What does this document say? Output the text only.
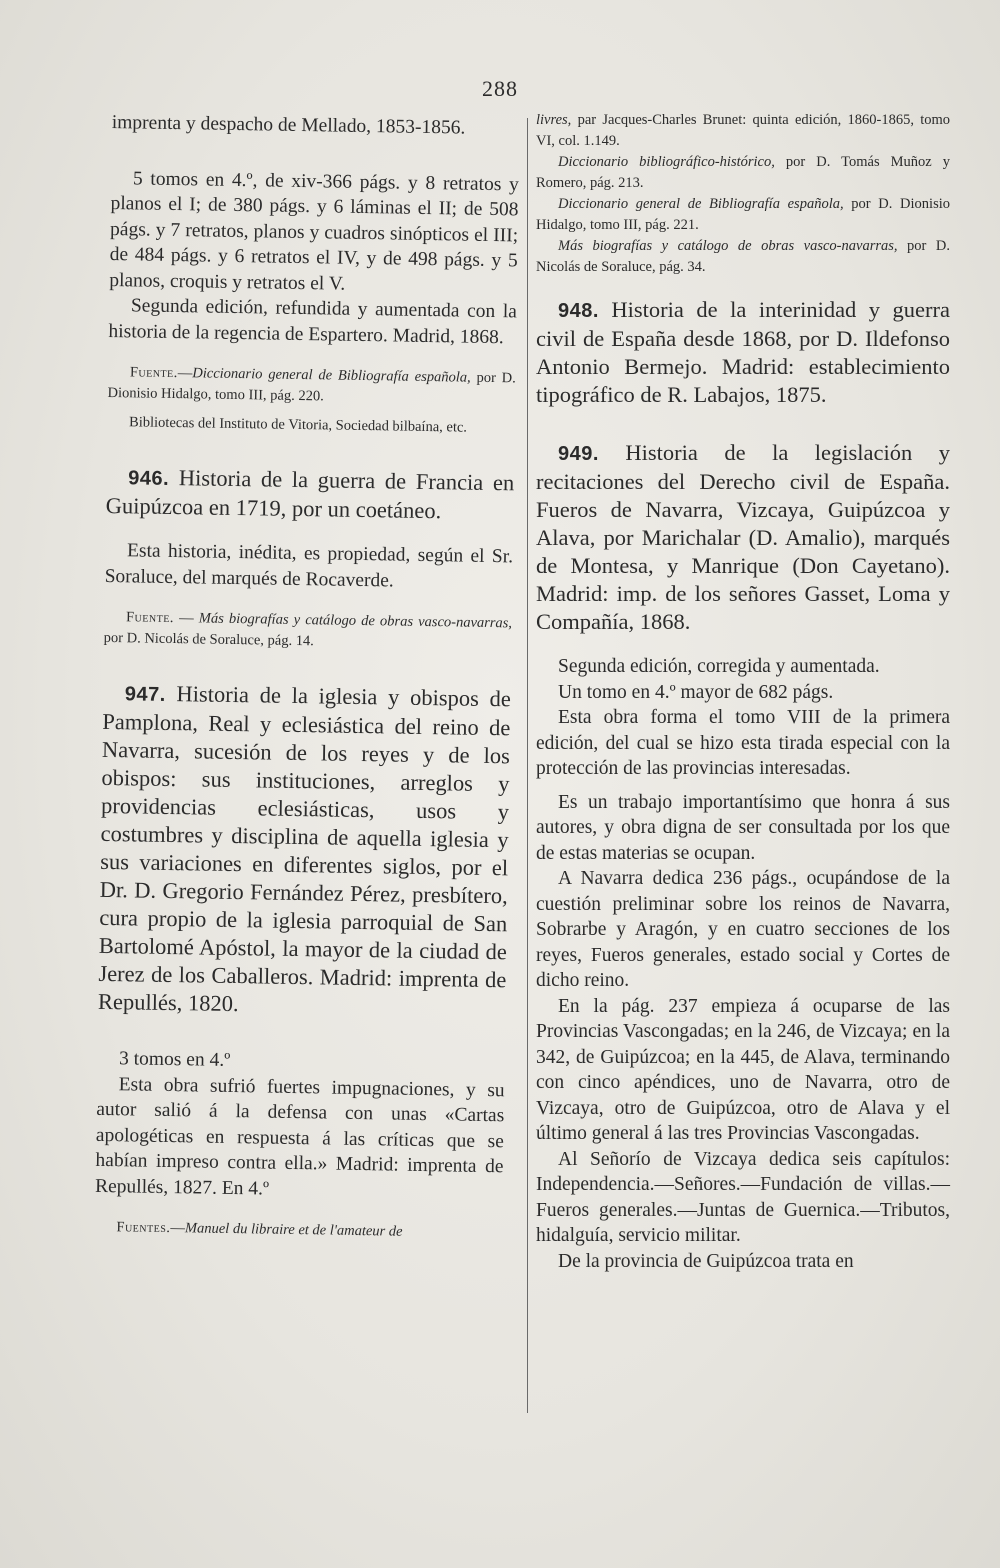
288

imprenta y despacho de Mellado, 1853-1856.

5 tomos en 4.º, de xiv-366 págs. y 8 retratos y planos el I; de 380 págs. y 6 láminas el II; de 508 págs. y 7 retratos, planos y cuadros sinópticos el III; de 484 págs. y 6 retratos el IV, y de 498 págs. y 5 planos, croquis y retratos el V.

Segunda edición, refundida y aumentada con la historia de la regencia de Espartero. Madrid, 1868.

Fuente.—Diccionario general de Bibliografía española, por D. Dionisio Hidalgo, tomo III, pág. 220.

Bibliotecas del Instituto de Vitoria, Sociedad bilbaína, etc.

946. Historia de la guerra de Francia en Guipúzcoa en 1719, por un coetáneo.

Esta historia, inédita, es propiedad, según el Sr. Soraluce, del marqués de Rocaverde.

Fuente. — Más biografías y catálogo de obras vasco-navarras, por D. Nicolás de Soraluce, pág. 14.

947. Historia de la iglesia y obispos de Pamplona, Real y eclesiástica del reino de Navarra, sucesión de los reyes y de los obispos: sus instituciones, arreglos y providencias eclesiásticas, usos y costumbres y disciplina de aquella iglesia y sus variaciones en diferentes siglos, por el Dr. D. Gregorio Fernández Pérez, presbítero, cura propio de la iglesia parroquial de San Bartolomé Apóstol, la mayor de la ciudad de Jerez de los Caballeros. Madrid: imprenta de Repullés, 1820.

3 tomos en 4.º

Esta obra sufrió fuertes impugnaciones, y su autor salió á la defensa con unas «Cartas apologéticas en respuesta á las críticas que se habían impreso contra ella.» Madrid: imprenta de Repullés, 1827. En 4.º

Fuentes.—Manuel du libraire et de l'amateur de

livres, par Jacques-Charles Brunet: quinta edición, 1860-1865, tomo VI, col. 1.149.

Diccionario bibliográfico-histórico, por D. Tomás Muñoz y Romero, pág. 213.

Diccionario general de Bibliografía española, por D. Dionisio Hidalgo, tomo III, pág. 221.

Más biografías y catálogo de obras vasco-navarras, por D. Nicolás de Soraluce, pág. 34.

948. Historia de la interinidad y guerra civil de España desde 1868, por D. Ildefonso Antonio Bermejo. Madrid: establecimiento tipográfico de R. Labajos, 1875.

949. Historia de la legislación y recitaciones del Derecho civil de España. Fueros de Navarra, Vizcaya, Guipúzcoa y Alava, por Marichalar (D. Amalio), marqués de Montesa, y Manrique (Don Cayetano). Madrid: imp. de los señores Gasset, Loma y Compañía, 1868.

Segunda edición, corregida y aumentada.

Un tomo en 4.º mayor de 682 págs.

Esta obra forma el tomo VIII de la primera edición, del cual se hizo esta tirada especial con la protección de las provincias interesadas.

Es un trabajo importantísimo que honra á sus autores, y obra digna de ser consultada por los que de estas materias se ocupan.

A Navarra dedica 236 págs., ocupándose de la cuestión preliminar sobre los reinos de Navarra, Sobrarbe y Aragón, y en cuatro secciones de los reyes, Fueros generales, estado social y Cortes de dicho reino.

En la pág. 237 empieza á ocuparse de las Provincias Vascongadas; en la 246, de Vizcaya; en la 342, de Guipúzcoa; en la 445, de Alava, terminando con cinco apéndices, uno de Navarra, otro de Vizcaya, otro de Guipúzcoa, otro de Alava y el último general á las tres Provincias Vascongadas.

Al Señorío de Vizcaya dedica seis capítulos: Independencia.—Señores.—Fundación de villas.—Fueros generales.—Juntas de Guernica.—Tributos, hidalguía, servicio militar.

De la provincia de Guipúzcoa trata en
